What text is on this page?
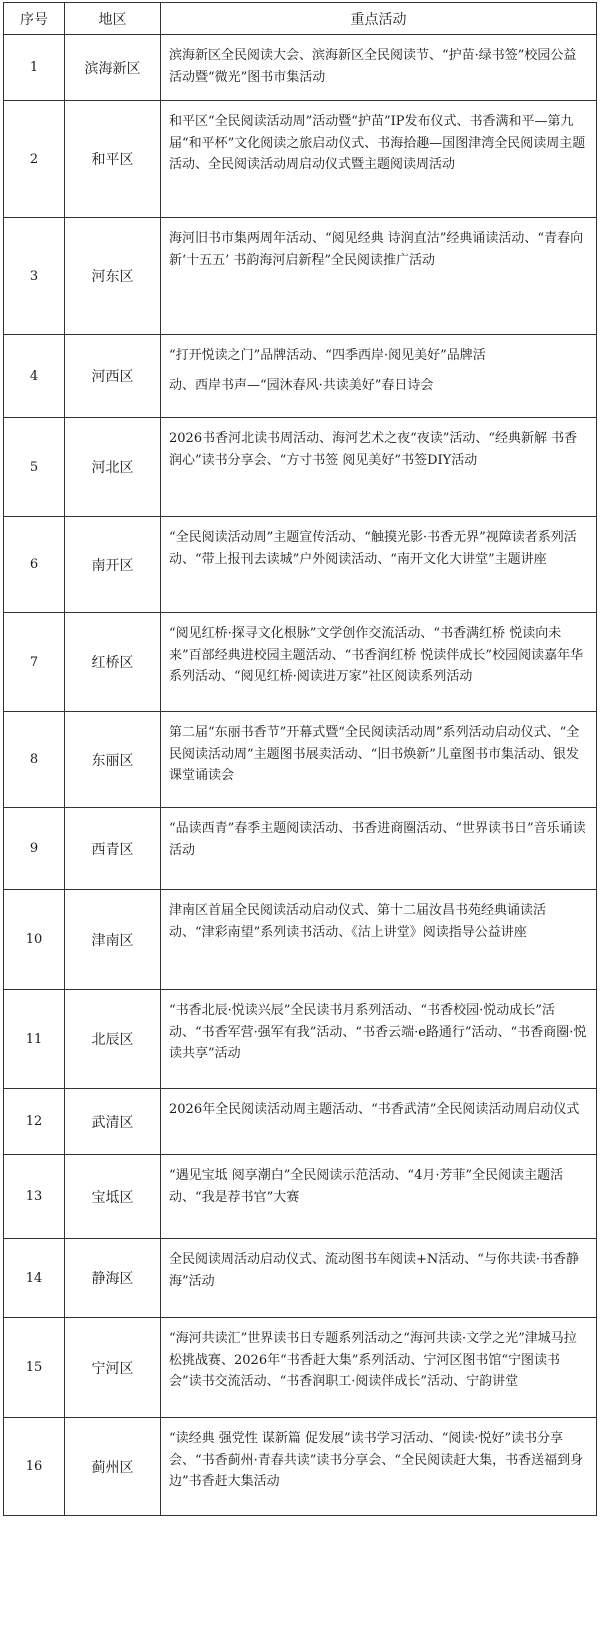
序号	地区	重点活动
1	滨海新区	滨海新区全民阅读大会、滨海新区全民阅读节、“护苗·绿书签”校园公益活动暨“微光”图书市集活动

2	和平区	和平区“全民阅读活动周”活动暨“护苗”IP发布仪式、书香满和平—第九届“和平杯”文化阅读之旅启动仪式、书海拾趣—国图津湾全民阅读周主题活动、全民阅读活动周启动仪式暨主题阅读周活动

3	河东区	海河旧书市集两周年活动、“阅见经典 诗润直沽”经典诵读活动、“青春向新‘十五五’ 书韵海河启新程”全民阅读推广活动

4	河西区	“打开悦读之门”品牌活动、“四季西岸·阅见美好”品牌活
动、西岸书声—“园沐春风·共读美好”春日诗会

5	河北区	2026书香河北读书周活动、海河艺术之夜“夜读”活动、“经典新解 书香润心”读书分享会、“方寸书签 阅见美好”书签DIY活动

6	南开区	“全民阅读活动周”主题宣传活动、“触摸光影·书香无界”视障读者系列活动、“带上报刊去读城”户外阅读活动、“南开文化大讲堂”主题讲座

7	红桥区	“阅见红桥·探寻文化根脉”文学创作交流活动、“书香满红桥 悦读向未来”百部经典进校园主题活动、“书香润红桥 悦读伴成长”校园阅读嘉年华系列活动、“阅见红桥·阅读进万家”社区阅读系列活动

8	东丽区	第二届“东丽书香节”开幕式暨“全民阅读活动周”系列活动启动仪式、“全民阅读活动周”主题图书展卖活动、“旧书焕新”儿童图书市集活动、银发课堂诵读会

9	西青区	“品读西青”春季主题阅读活动、书香进商圈活动、“世界读书日”音乐诵读活动

10	津南区	津南区首届全民阅读活动启动仪式、第十二届汝昌书苑经典诵读活动、“津彩南望”系列读书活动、《沽上讲堂》阅读指导公益讲座

11	北辰区	“书香北辰·悦读兴辰”全民读书月系列活动、“书香校园·悦动成长”活动、“书香军营·强军有我”活动、“书香云端·e路通行”活动、“书香商圈·悦读共享”活动

12	武清区	2026年全民阅读活动周主题活动、“书香武清”全民阅读活动周启动仪式

13	宝坻区	“遇见宝坻 阅享潮白”全民阅读示范活动、“4月·芳菲”全民阅读主题活动、“我是荐书官”大赛

14	静海区	全民阅读周活动启动仪式、流动图书车阅读+N活动、“与你共读·书香静海”活动

15	宁河区	“海河共读汇”世界读书日专题系列活动之“海河共读·文学之光”津城马拉松挑战赛、2026年“书香赶大集”系列活动、宁河区图书馆“宁图读书会”读书交流活动、“书香润职工·阅读伴成长”活动、宁韵讲堂

16	蓟州区	“读经典 强党性 谋新篇 促发展”读书学习活动、“阅读·悦好”读书分享会、“书香蓟州·青春共读”读书分享会、“全民阅读赶大集，书香送福到身边”书香赶大集活动
